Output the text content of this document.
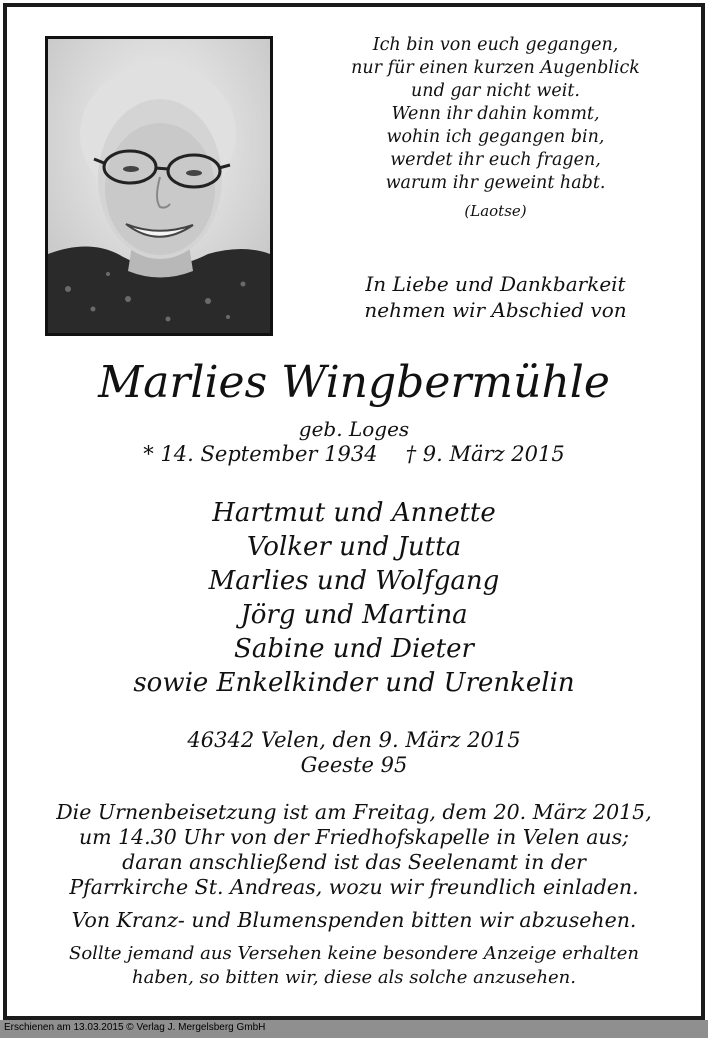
Ich bin von euch gegangen,
nur für einen kurzen Augenblick
und gar nicht weit.
Wenn ihr dahin kommt,
wohin ich gegangen bin,
werdet ihr euch fragen,
warum ihr geweint habt.
(Laotse)
In Liebe und Dankbarkeit
nehmen wir Abschied von
Marlies Wingbermühle
geb. Loges
* 14. September 1934 † 9. März 2015
Hartmut und Annette
Volker und Jutta
Marlies und Wolfgang
Jörg und Martina
Sabine und Dieter
sowie Enkelkinder und Urenkelin
46342 Velen, den 9. März 2015
Geeste 95
Die Urnenbeisetzung ist am Freitag, dem 20. März 2015,
um 14.30 Uhr von der Friedhofskapelle in Velen aus;
daran anschließend ist das Seelenamt in der
Pfarrkirche St. Andreas, wozu wir freundlich einladen.
Von Kranz- und Blumenspenden bitten wir abzusehen.
Sollte jemand aus Versehen keine besondere Anzeige erhalten
haben, so bitten wir, diese als solche anzusehen.
Erschienen am 13.03.2015 © Verlag J. Mergelsberg GmbH
